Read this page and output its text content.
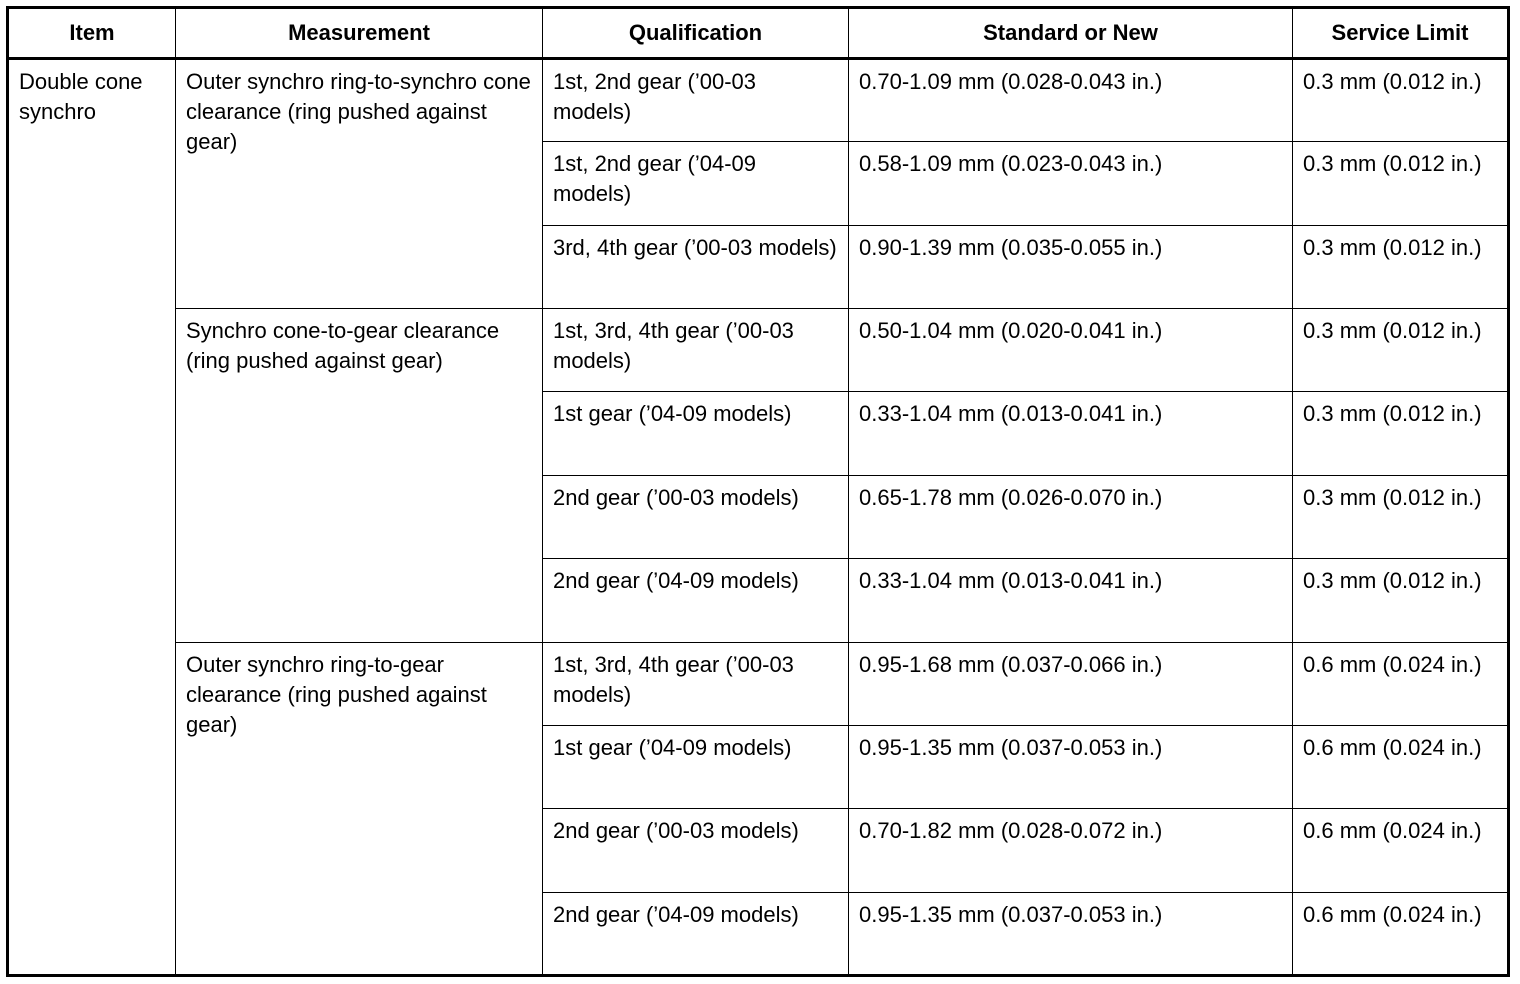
Item	Measurement	Qualification	Standard or New	Service Limit
Double cone synchro	Outer synchro ring-to-synchro cone clearance (ring pushed against gear)	1st, 2nd gear (’00-03 models)	0.70-1.09 mm (0.028-0.043 in.)	0.3 mm (0.012 in.)
		1st, 2nd gear (’04-09 models)	0.58-1.09 mm (0.023-0.043 in.)	0.3 mm (0.012 in.)
		3rd, 4th gear (’00-03 models)	0.90-1.39 mm (0.035-0.055 in.)	0.3 mm (0.012 in.)
	Synchro cone-to-gear clearance (ring pushed against gear)	1st, 3rd, 4th gear (’00-03 models)	0.50-1.04 mm (0.020-0.041 in.)	0.3 mm (0.012 in.)
		1st gear (’04-09 models)	0.33-1.04 mm (0.013-0.041 in.)	0.3 mm (0.012 in.)
		2nd gear (’00-03 models)	0.65-1.78 mm (0.026-0.070 in.)	0.3 mm (0.012 in.)
		2nd gear (’04-09 models)	0.33-1.04 mm (0.013-0.041 in.)	0.3 mm (0.012 in.)
	Outer synchro ring-to-gear clearance (ring pushed against gear)	1st, 3rd, 4th gear (’00-03 models)	0.95-1.68 mm (0.037-0.066 in.)	0.6 mm (0.024 in.)
		1st gear (’04-09 models)	0.95-1.35 mm (0.037-0.053 in.)	0.6 mm (0.024 in.)
		2nd gear (’00-03 models)	0.70-1.82 mm (0.028-0.072 in.)	0.6 mm (0.024 in.)
		2nd gear (’04-09 models)	0.95-1.35 mm (0.037-0.053 in.)	0.6 mm (0.024 in.)
